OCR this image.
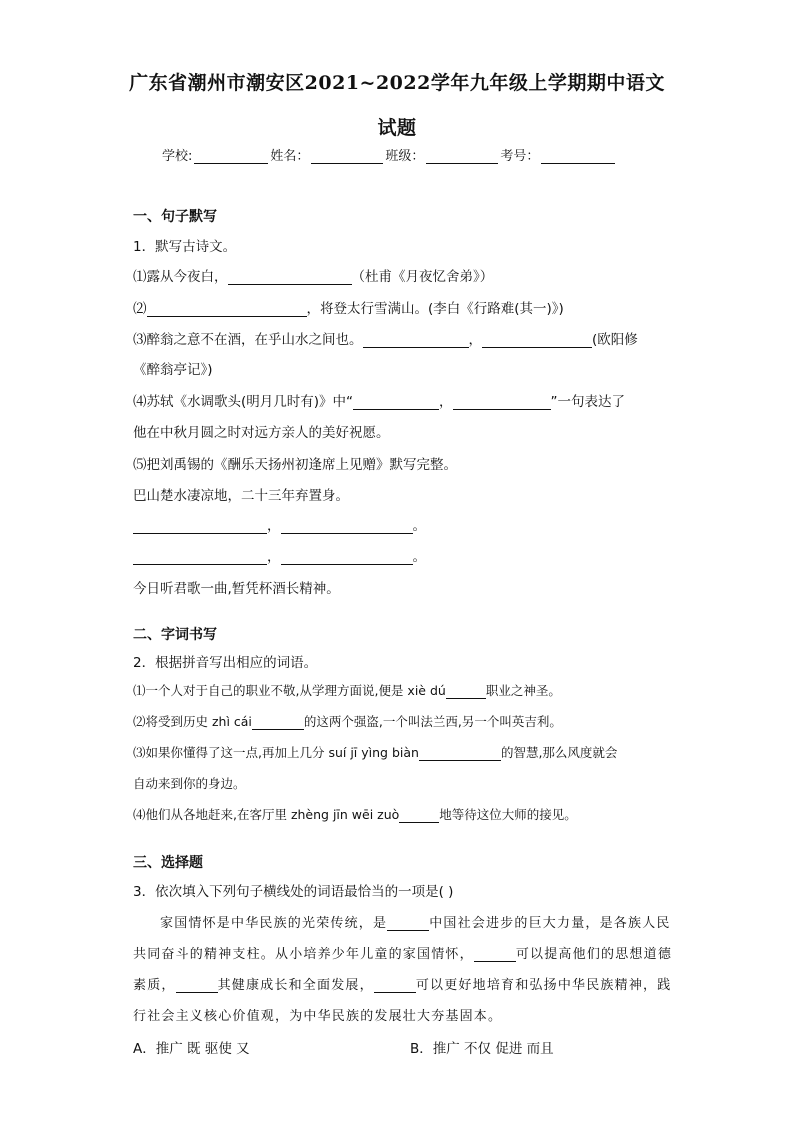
广东省潮州市潮安区2021~2022学年九年级上学期期中语文
试题
学校:	姓名：	班级：	考号：
一、句子默写
1．默写古诗文。
⑴露从今夜白，	（杜甫《月夜忆舍弟》）
⑵	，将登太行雪满山。(李白《行路难(其一)》)
⑶醉翁之意不在酒，在乎山水之间也。	，	(欧阳修
《醉翁亭记》)
⑷苏轼《水调歌头(明月几时有)》中“	，	”一句表达了
他在中秋月圆之时对远方亲人的美好祝愿。
⑸把刘禹锡的《酬乐天扬州初逢席上见赠》默写完整。
巴山楚水凄凉地，二十三年弃置身。
，	。
，	。
今日听君歌一曲,暂凭杯酒长精神。
二、字词书写
2．根据拼音写出相应的词语。
⑴一个人对于自己的职业不敬,从学理方面说,便是 xiè dú	职业之神圣。
⑵将受到历史 zhì cái	的这两个强盗,一个叫法兰西,另一个叫英吉利。
⑶如果你懂得了这一点,再加上几分 suí jī yìng biàn	的智慧,那么风度就会
自动来到你的身边。
⑷他们从各地赶来,在客厅里 zhèng jīn wēi zuò	地等待这位大师的接见。
三、选择题
3．依次填入下列句子横线处的词语最恰当的一项是( )
家国情怀是中华民族的光荣传统，是	中国社会进步的巨大力量，是各族人民
共同奋斗的精神支柱。从小培养少年儿童的家国情怀，	可以提高他们的思想道德
素质，	其健康成长和全面发展，	可以更好地培育和弘扬中华民族精神，践
行社会主义核心价值观，为中华民族的发展壮大夯基固本。
A．推广 既 驱使 又	B．推广 不仅 促进 而且
